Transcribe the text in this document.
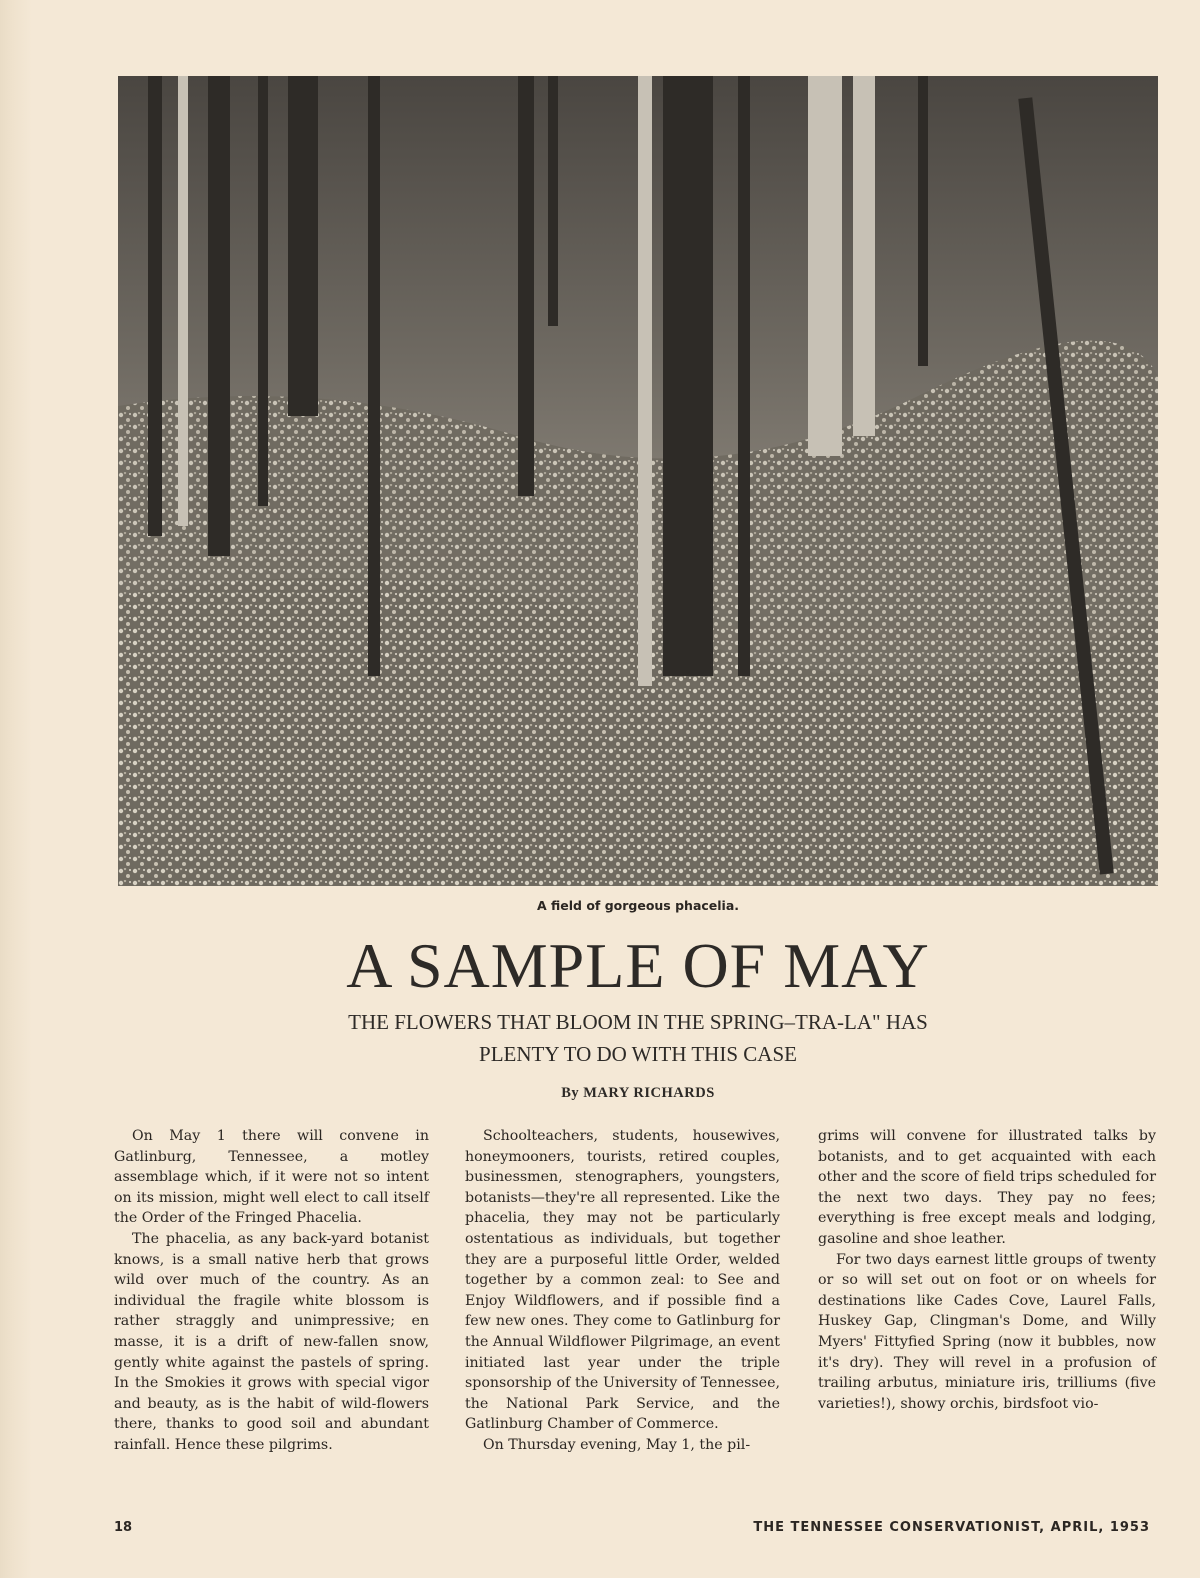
A field of gorgeous phacelia.
A SAMPLE OF MAY
THE FLOWERS THAT BLOOM IN THE SPRING–TRA-LA" HAS
PLENTY TO DO WITH THIS CASE
By MARY RICHARDS

On May 1 there will convene in Gatlinburg, Tennessee, a motley assemblage which, if it were not so intent on its mission, might well elect to call itself the Order of the Fringed Phacelia.

The phacelia, as any back-yard botanist knows, is a small native herb that grows wild over much of the country. As an individual the fragile white blossom is rather straggly and unimpressive; en masse, it is a drift of new-fallen snow, gently white against the pastels of spring. In the Smokies it grows with special vigor and beauty, as is the habit of wild-flowers there, thanks to good soil and abundant rainfall. Hence these pilgrims.

Schoolteachers, students, housewives, honeymooners, tourists, retired couples, businessmen, stenographers, youngsters, botanists—they're all represented. Like the phacelia, they may not be particularly ostentatious as individuals, but together they are a purposeful little Order, welded together by a common zeal: to See and Enjoy Wildflowers, and if possible find a few new ones. They come to Gatlinburg for the Annual Wildflower Pilgrimage, an event initiated last year under the triple sponsorship of the University of Tennessee, the National Park Service, and the Gatlinburg Chamber of Commerce.

On Thursday evening, May 1, the pil-

grims will convene for illustrated talks by botanists, and to get acquainted with each other and the score of field trips scheduled for the next two days. They pay no fees; everything is free except meals and lodging, gasoline and shoe leather.

For two days earnest little groups of twenty or so will set out on foot or on wheels for destinations like Cades Cove, Laurel Falls, Huskey Gap, Clingman's Dome, and Willy Myers' Fittyfied Spring (now it bubbles, now it's dry). They will revel in a profusion of trailing arbutus, miniature iris, trilliums (five varieties!), showy orchis, birdsfoot vio-

18	THE TENNESSEE CONSERVATIONIST, APRIL, 1953
